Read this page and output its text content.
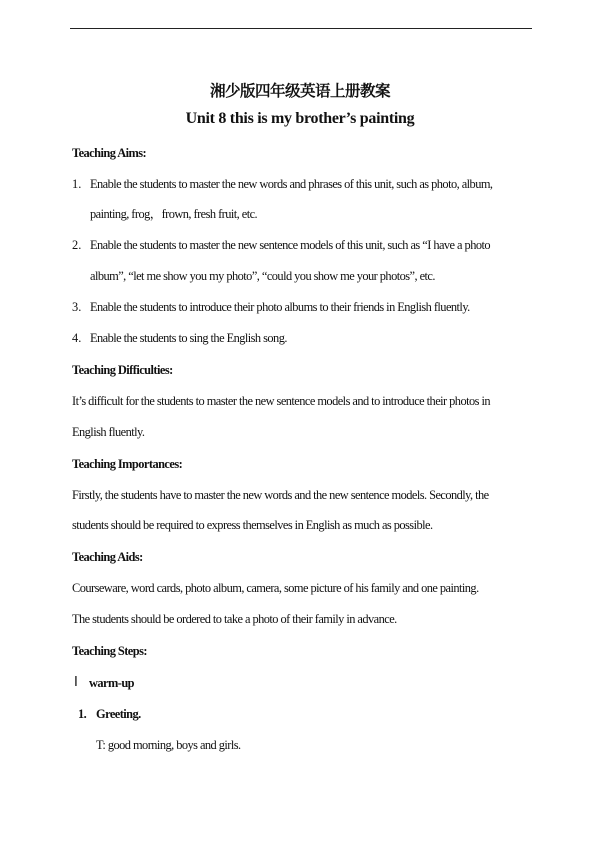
湘少版四年级英语上册教案
Unit 8 this is my brother’s painting
Teaching Aims:
1. Enable the students to master the new words and phrases of this unit, such as photo, album,
painting, frog，frown, fresh fruit, etc.
2. Enable the students to master the new sentence models of this unit, such as “I have a photo
album”, “let me show you my photo”, “could you show me your photos”, etc.
3. Enable the students to introduce their photo albums to their friends in English fluently.
4. Enable the students to sing the English song.
Teaching Difficulties:
It’s difficult for the students to master the new sentence models and to introduce their photos in
English fluently.
Teaching Importances:
Firstly, the students have to master the new words and the new sentence models. Secondly, the
students should be required to express themselves in English as much as possible.
Teaching Aids:
Courseware, word cards, photo album, camera, some picture of his family and one painting.
The students should be ordered to take a photo of their family in advance.
Teaching Steps:
Ⅰ warm-up
1. Greeting.
T: good morning, boys and girls.
